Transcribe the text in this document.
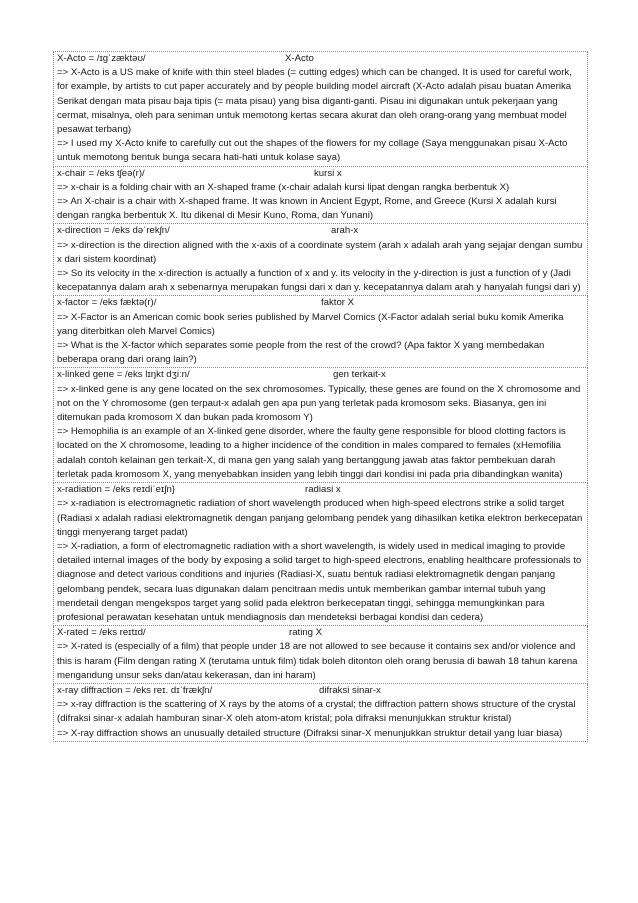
X-Acto = /ɪɡˈzæktəʊ/	X-Acto
=> X-Acto is a US make of knife with thin steel blades (= cutting edges) which can be changed. It is used for careful work, for example, by artists to cut paper accurately and by people building model aircraft (X-Acto adalah pisau buatan Amerika Serikat dengan mata pisau baja tipis (= mata pisau) yang bisa diganti-ganti. Pisau ini digunakan untuk pekerjaan yang cermat, misalnya, oleh para seniman untuk memotong kertas secara akurat dan oleh orang-orang yang membuat model pesawat terbang)
=> I used my X-Acto knife to carefully cut out the shapes of the flowers for my collage (Saya menggunakan pisau X-Acto untuk memotong bentuk bunga secara hati-hati untuk kolase saya)
x-chair = /eks tʃeə(r)/	kursi x
=> x-chair is a folding chair with an X-shaped frame (x-chair adalah kursi lipat dengan rangka berbentuk X)
=> An X-chair is a chair with X-shaped frame. It was known in Ancient Egypt, Rome, and Greece (Kursi X adalah kursi dengan rangka berbentuk X. Itu dikenal di Mesir Kuno, Roma, dan Yunani)
x-direction = /eks dəˈrekʃn/	arah-x
=> x-direction is the direction aligned with the x-axis of a coordinate system (arah x adalah arah yang sejajar dengan sumbu x dari sistem koordinat)
=> So its velocity in the x-direction is actually a function of x and y. its velocity in the y-direction is just a function of y (Jadi kecepatannya dalam arah x sebenarnya merupakan fungsi dari x dan y. kecepatannya dalam arah y hanyalah fungsi dari y)
x-factor = /eks fæktə(r)/	faktor X
=> X-Factor is an American comic book series published by Marvel Comics (X-Factor adalah serial buku komik Amerika yang diterbitkan oleh Marvel Comics)
=> What is the X-factor which separates some people from the rest of the crowd? (Apa faktor X yang membedakan beberapa orang dari orang lain?)
x-linked gene = /eks lɪŋkt dʒiːn/	gen terkait-x
=> x-linked gene is any gene located on the sex chromosomes. Typically, these genes are found on the X chromosome and not on the Y chromosome (gen terpaut-x adalah gen apa pun yang terletak pada kromosom seks. Biasanya, gen ini ditemukan pada kromosom X dan bukan pada kromosom Y)
=> Hemophilia is an example of an X-linked gene disorder, where the faulty gene responsible for blood clotting factors is located on the X chromosome, leading to a higher incidence of the condition in males compared to females (xHemofilia adalah contoh kelainan gen terkait-X, di mana gen yang salah yang bertanggung jawab atas faktor pembekuan darah terletak pada kromosom X, yang menyebabkan insiden yang lebih tinggi dari kondisi ini pada pria dibandingkan wanita)
x-radiation = /eks reɪdiˈeɪʃn}	radiasi x
=> x-radiation is electromagnetic radiation of short wavelength produced when high-speed electrons strike a solid target (Radiasi x adalah radiasi elektromagnetik dengan panjang gelombang pendek yang dihasilkan ketika elektron berkecepatan tinggi menyerang target padat)
=> X-radiation, a form of electromagnetic radiation with a short wavelength, is widely used in medical imaging to provide detailed internal images of the body by exposing a solid target to high-speed electrons, enabling healthcare professionals to diagnose and detect various conditions and injuries (Radiasi-X, suatu bentuk radiasi elektromagnetik dengan panjang gelombang pendek, secara luas digunakan dalam pencitraan medis untuk memberikan gambar internal tubuh yang mendetail dengan mengekspos target yang solid pada elektron berkecepatan tinggi, sehingga memungkinkan para profesional perawatan kesehatan untuk mendiagnosis dan mendeteksi berbagai kondisi dan cedera)
X-rated = /eks reɪtɪd/	rating X
=> X-rated is (especially of a film) that people under 18 are not allowed to see because it contains sex and/or violence and this is haram (Film dengan rating X (terutama untuk film) tidak boleh ditonton oleh orang berusia di bawah 18 tahun karena mengandung unsur seks dan/atau kekerasan, dan ini haram)
x-ray diffraction = /eks reɪ. dɪˈfrækʃn/	difraksi sinar-x
=> x-ray diffraction is the scattering of X rays by the atoms of a crystal; the diffraction pattern shows structure of the crystal (difraksi sinar-x adalah hamburan sinar-X oleh atom-atom kristal; pola difraksi menunjukkan struktur kristal)
=> X-ray diffraction shows an unusually detailed structure (Difraksi sinar-X menunjukkan struktur detail yang luar biasa)
